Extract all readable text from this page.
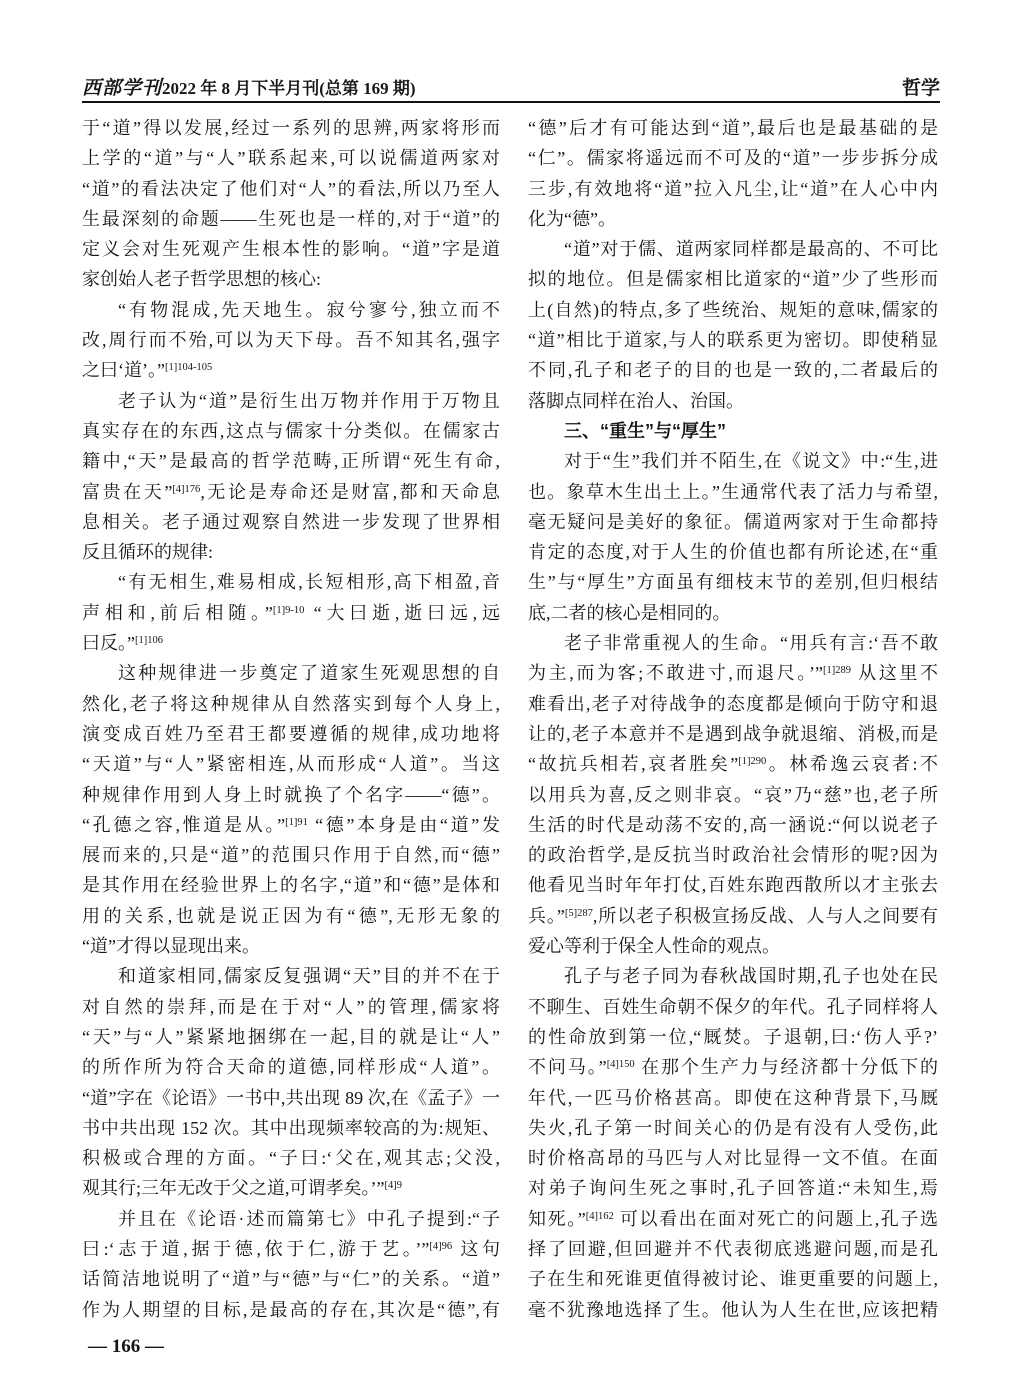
西部学刊 2022 年 8 月下半月刊(总第 169 期)	哲学
于“道”得以发展,经过一系列的思辨,两家将形而
上学的“道”与“人”联系起来,可以说儒道两家对
“道”的看法决定了他们对“人”的看法,所以乃至人
生最深刻的命题——生死也是一样的,对于“道”的
定义会对生死观产生根本性的影响。“道”字是道
家创始人老子哲学思想的核心:
“有物混成,先天地生。寂兮寥兮,独立而不
改,周行而不殆,可以为天下母。吾不知其名,强字
之曰‘道’。”$^{[1]104-105}$
老子认为“道”是衍生出万物并作用于万物且
真实存在的东西,这点与儒家十分类似。在儒家古
籍中,“天”是最高的哲学范畴,正所谓“死生有命,
富贵在天”$^{[4]176}$,无论是寿命还是财富,都和天命息
息相关。老子通过观察自然进一步发现了世界相
反且循环的规律:
“有无相生,难易相成,长短相形,高下相盈,音
声相和,前后相随。”$^{[1]9-10}$ “大曰逝,逝曰远,远
曰反。”$^{[1]106}$
这种规律进一步奠定了道家生死观思想的自
然化,老子将这种规律从自然落实到每个人身上,
演变成百姓乃至君王都要遵循的规律,成功地将
“天道”与“人”紧密相连,从而形成“人道”。当这
种规律作用到人身上时就换了个名字——“德”。
“孔德之容,惟道是从。”$^{[1]91}$ “德”本身是由“道”发
展而来的,只是“道”的范围只作用于自然,而“德”
是其作用在经验世界上的名字,“道”和“德”是体和
用的关系,也就是说正因为有“德”,无形无象的
“道”才得以显现出来。
和道家相同,儒家反复强调“天”目的并不在于
对自然的崇拜,而是在于对“人”的管理,儒家将
“天”与“人”紧紧地捆绑在一起,目的就是让“人”
的所作所为符合天命的道德,同样形成“人道”。
“道”字在《论语》一书中,共出现 89 次,在《孟子》一
书中共出现 152 次。其中出现频率较高的为:规矩、
积极或合理的方面。“子曰:‘父在,观其志;父没,
观其行;三年无改于父之道,可谓孝矣。’”$^{[4]9}$
并且在《论语·述而篇第七》中孔子提到:“子
曰:‘志于道,据于德,依于仁,游于艺。’”$^{[4]96}$ 这句
话简洁地说明了“道”与“德”与“仁”的关系。“道”
作为人期望的目标,是最高的存在,其次是“德”,有
“德”后才有可能达到“道”,最后也是最基础的是
“仁”。儒家将遥远而不可及的“道”一步步拆分成
三步,有效地将“道”拉入凡尘,让“道”在人心中内
化为“德”。
“道”对于儒、道两家同样都是最高的、不可比
拟的地位。但是儒家相比道家的“道”少了些形而
上(自然)的特点,多了些统治、规矩的意味,儒家的
“道”相比于道家,与人的联系更为密切。即使稍显
不同,孔子和老子的目的也是一致的,二者最后的
落脚点同样在治人、治国。
三、“重生”与“厚生”
对于“生”我们并不陌生,在《说文》中:“生,进
也。象草木生出土上。”生通常代表了活力与希望,
毫无疑问是美好的象征。儒道两家对于生命都持
肯定的态度,对于人生的价值也都有所论述,在“重
生”与“厚生”方面虽有细枝末节的差别,但归根结
底,二者的核心是相同的。
老子非常重视人的生命。“用兵有言:‘吾不敢
为主,而为客;不敢进寸,而退尺。’”$^{[1]289}$ 从这里不
难看出,老子对待战争的态度都是倾向于防守和退
让的,老子本意并不是遇到战争就退缩、消极,而是
“故抗兵相若,哀者胜矣”$^{[1]290}$。林希逸云哀者:不
以用兵为喜,反之则非哀。“哀”乃“慈”也,老子所
生活的时代是动荡不安的,高一涵说:“何以说老子
的政治哲学,是反抗当时政治社会情形的呢?因为
他看见当时年年打仗,百姓东跑西散所以才主张去
兵。”$^{[5]287}$,所以老子积极宣扬反战、人与人之间要有
爱心等利于保全人性命的观点。
孔子与老子同为春秋战国时期,孔子也处在民
不聊生、百姓生命朝不保夕的年代。孔子同样将人
的性命放到第一位,“厩焚。子退朝,曰:‘伤人乎?’
不问马。”$^{[4]150}$ 在那个生产力与经济都十分低下的
年代,一匹马价格甚高。即使在这种背景下,马厩
失火,孔子第一时间关心的仍是有没有人受伤,此
时价格高昂的马匹与人对比显得一文不值。在面
对弟子询问生死之事时,孔子回答道:“未知生,焉
知死。”$^{[4]162}$ 可以看出在面对死亡的问题上,孔子选
择了回避,但回避并不代表彻底逃避问题,而是孔
子在生和死谁更值得被讨论、谁更重要的问题上,
毫不犹豫地选择了生。他认为人生在世,应该把精
— 166 —
